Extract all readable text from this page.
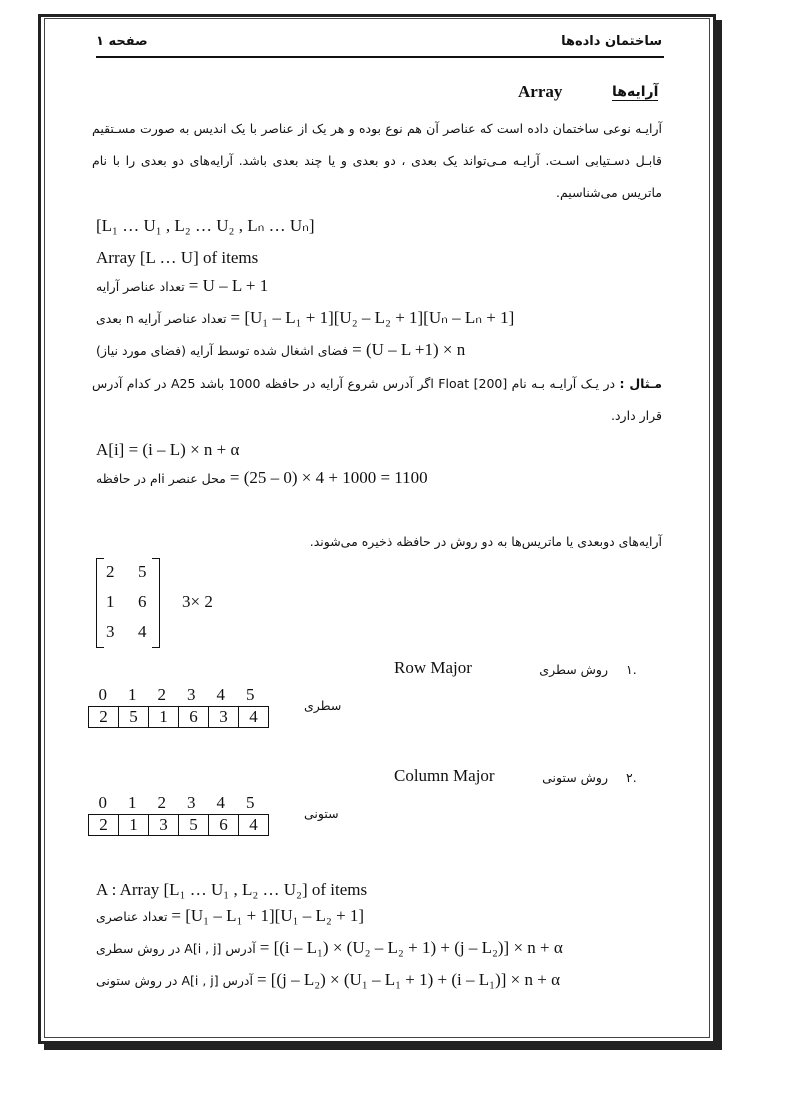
ساختمان داده‌ها
صفحه ۱
آرایه‌ها
Array
آرایـه نوعی ساختمان داده است که عناصر آن هم نوع بوده و هر یک از عناصر با یک اندیس به صورت مسـتقیم قابـل دسـتیابی اسـت. آرایـه مـی‌تواند یک بعدی ، دو بعدی و یا چند بعدی باشد. آرایه‌های دو بعدی را با نام ماتریس می‌شناسیم.
[L₁ … U₁ , L₂ … U₂ , Lₙ … Uₙ]
Array [L … U] of items
تعداد عناصر آرایه = U – L + 1
تعداد عناصر آرایه n بعدی = [U₁ – L₁ + 1][U₂ – L₂ + 1][Uₙ – Lₙ + 1]
فضای اشغال شده توسط آرایه (فضای مورد نیاز) = (U – L +1) × n
مـثال : در یـک آرایـه بـه نام [200] Float اگر آدرس شروع آرایه در حافظه 1000 باشد A25 در کدام آدرس قرار دارد.
A[i] = (i – L) × n + α
محل عنصر iام در حافظه = (25 – 0) × 4 + 1000 = 1100
آرایه‌های دوبعدی یا ماتریس‌ها به دو روش در حافظه ذخیره می‌شوند.
2 5
1 6
3 4
3× 2
۱.
روش سطری
Row Major
0 1 2 3 4 5
2	5	1	6	3	4
سطری
۲.
روش ستونی
Column Major
0 1 2 3 4 5
2	1	3	5	6	4
ستونی
A : Array [L₁ … U₁ , L₂ … U₂] of items
تعداد عناصری = [U₁ – L₁ + 1][U₁ – L₂ + 1]
آدرس A[i , j] در روش سطری = [(i – L₁) × (U₂ – L₂ + 1) + (j – L₂)] × n + α
آدرس A[i , j] در روش ستونی = [(j – L₂) × (U₁ – L₁ + 1) + (i – L₁)] × n + α
